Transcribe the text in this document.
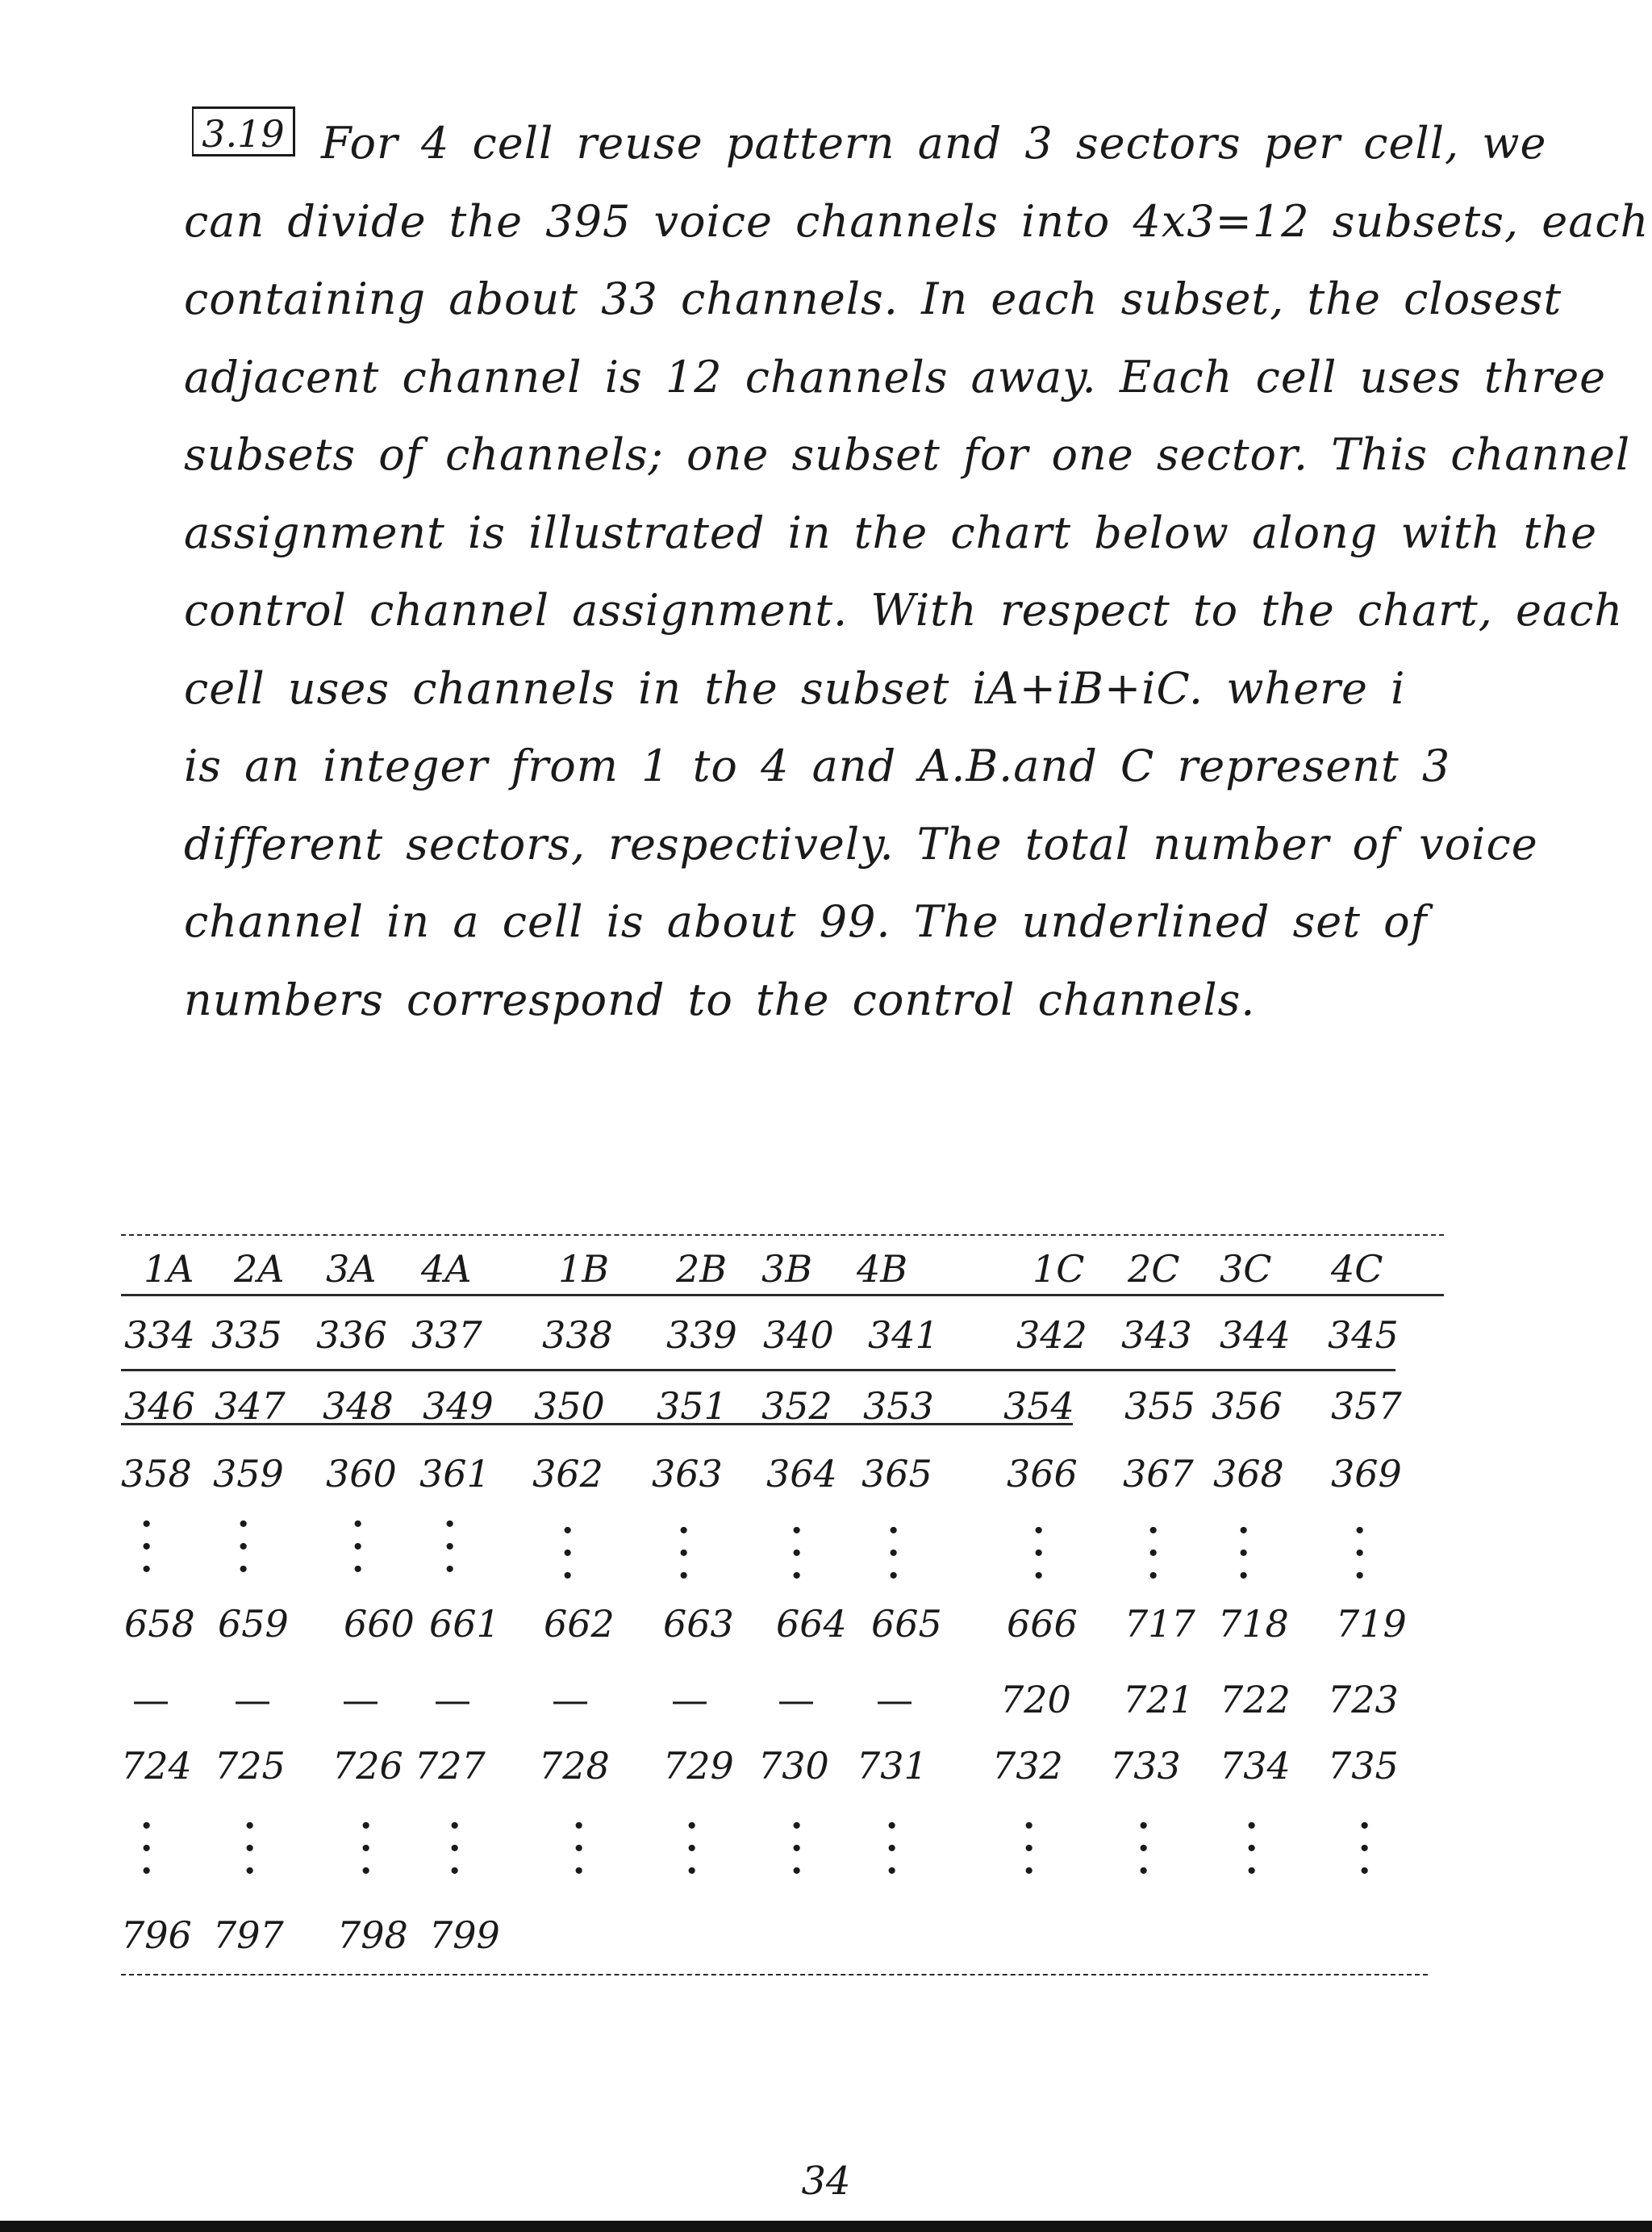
3.19 For 4 cell reuse pattern and 3 sectors per cell, we
can divide the 395 voice channels into 4x3=12 subsets, each
containing about 33 channels. In each subset, the closest
adjacent channel is 12 channels away. Each cell uses three
subsets of channels; one subset for one sector. This channel
assignment is illustrated in the chart below along with the
control channel assignment. With respect to the chart, each
cell uses channels in the subset iA+iB+iC. where i
is an integer from 1 to 4 and A.B.and C represent 3
different sectors, respectively. The total number of voice
channel in a cell is about 99. The underlined set of
numbers correspond to the control channels.
1A	2A	3A	4A	1B	2B 3B	4B	1C	2C	3C	4C
334 335 336 337	338	339 340 341	342 343 344	345
346 347	348 349	350	351 352 353	354	355 356	357
358 359	360 361	362	363	364 365	366	367 368	369
·
·
·
·
·
·
·
·
·
·
·
·
·
·
·
·
·
·
·
·
·
·
·
·
·
·
·
·
·
·
·
·
·
·
·
·
658 659	660 661	662	663	664 665	666	717 718	719
—	—	—	—	—	—	—	—	720	721 722	723
724 725	726 727	728	729 730 731	732	733	734	735
·
·
·
·
·
·
·
·
·
·
·
·
·
·
·
·
·
·
·
·
·
·
·
·
·
·
·
·
·
·
·
·
·
·
·
·
796 797	798 799
34
